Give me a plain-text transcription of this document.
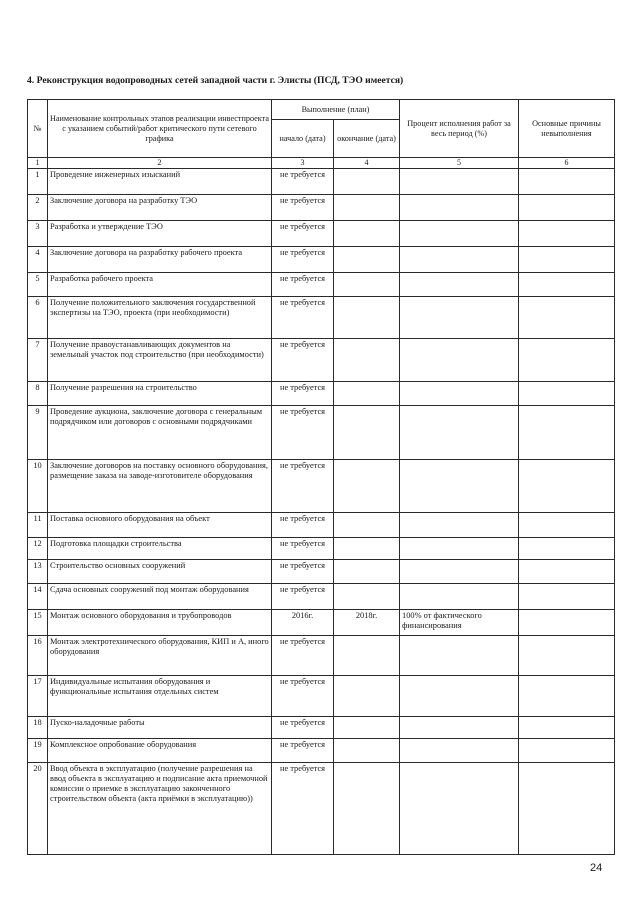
4. Реконструкция водопроводных сетей западной части г. Элисты (ПСД, ТЭО имеется)
№	Наименование контрольных этапов реализации инвестпроекта с указанием событий/работ критического пути сетевого графика	Выполнение (план)		Процент исполнения работ за весь период (%)	Основные причины невыполнения
		начало (дата)	окончание (дата)		
1	2	3	4	5	6
1	Проведение инженерных изысканий	не требуется			
2	Заключение договора на разработку ТЭО	не требуется			
3	Разработка и утверждение ТЭО	не требуется			
4	Заключение договора на разработку рабочего проекта	не требуется			
5	Разработка рабочего проекта	не требуется			
6	Получение положительного заключения государственной экспертизы на ТЭО, проекта (при необходимости)	не требуется			
7	Получение правоустанавливающих документов на земельный участок под строительство (при необходимости)	не требуется			
8	Получение разрешения на строительство	не требуется			
9	Проведение аукциона, заключение договора с генеральным подрядчиком или договоров с основными подрядчиками	не требуется			
10	Заключение договоров на поставку основного оборудования, размещение заказа на заводе-изготовителе оборудования	не требуется			
11	Поставка основного оборудования на объект	не требуется			
12	Подготовка площадки строительства	не требуется			
13	Строительство основных сооружений	не требуется			
14	Сдача основных сооружений под монтаж оборудования	не требуется			
15	Монтаж основного оборудования и трубопроводов	2016г.	2018г.	100% от фактического финансирования	
16	Монтаж электротехнического оборудования, КИП и А, иного оборудования	не требуется			
17	Индивидуальные испытания оборудования и функциональные испытания отдельных систем	не требуется			
18	Пуско-наладочные работы	не требуется			
19	Комплексное опробование оборудования	не требуется			
20	Ввод объекта в эксплуатацию (получение разрешения на ввод объекта в эксплуатацию и подписание акта приемочной комиссии о приемке в эксплуатацию законченного строительством объекта (акта приёмки в эксплуатацию))	не требуется			
24
